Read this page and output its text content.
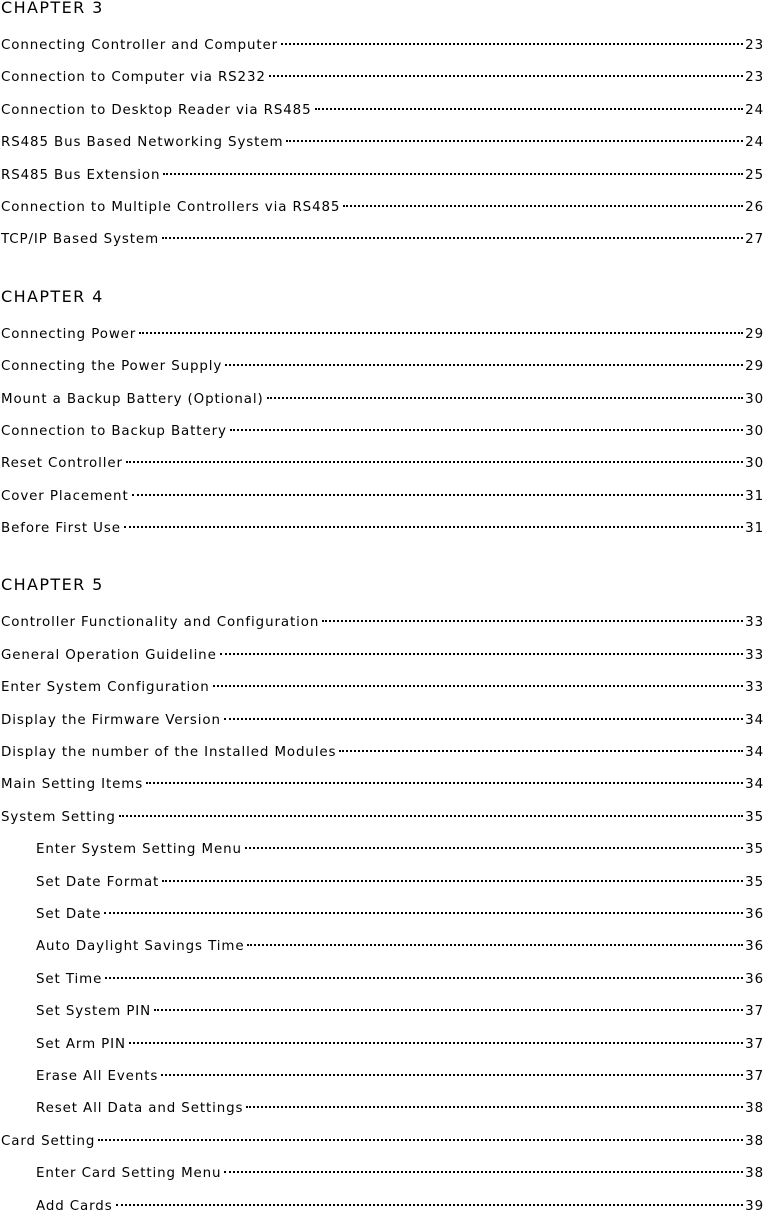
CHAPTER 3
Connecting Controller and Computer	23
Connection to Computer via RS232	23
Connection to Desktop Reader via RS485	24
RS485 Bus Based Networking System	24
RS485 Bus Extension	25
Connection to Multiple Controllers via RS485	26
TCP/IP Based System	27
CHAPTER 4
Connecting Power	29
Connecting the Power Supply	29
Mount a Backup Battery (Optional)	30
Connection to Backup Battery	30
Reset Controller	30
Cover Placement	31
Before First Use	31
CHAPTER 5
Controller Functionality and Configuration	33
General Operation Guideline	33
Enter System Configuration	33
Display the Firmware Version	34
Display the number of the Installed Modules	34
Main Setting Items	34
System Setting	35
Enter System Setting Menu	35
Set Date Format	35
Set Date	36
Auto Daylight Savings Time	36
Set Time	36
Set System PIN	37
Set Arm PIN	37
Erase All Events	37
Reset All Data and Settings	38
Card Setting	38
Enter Card Setting Menu	38
Add Cards	39
